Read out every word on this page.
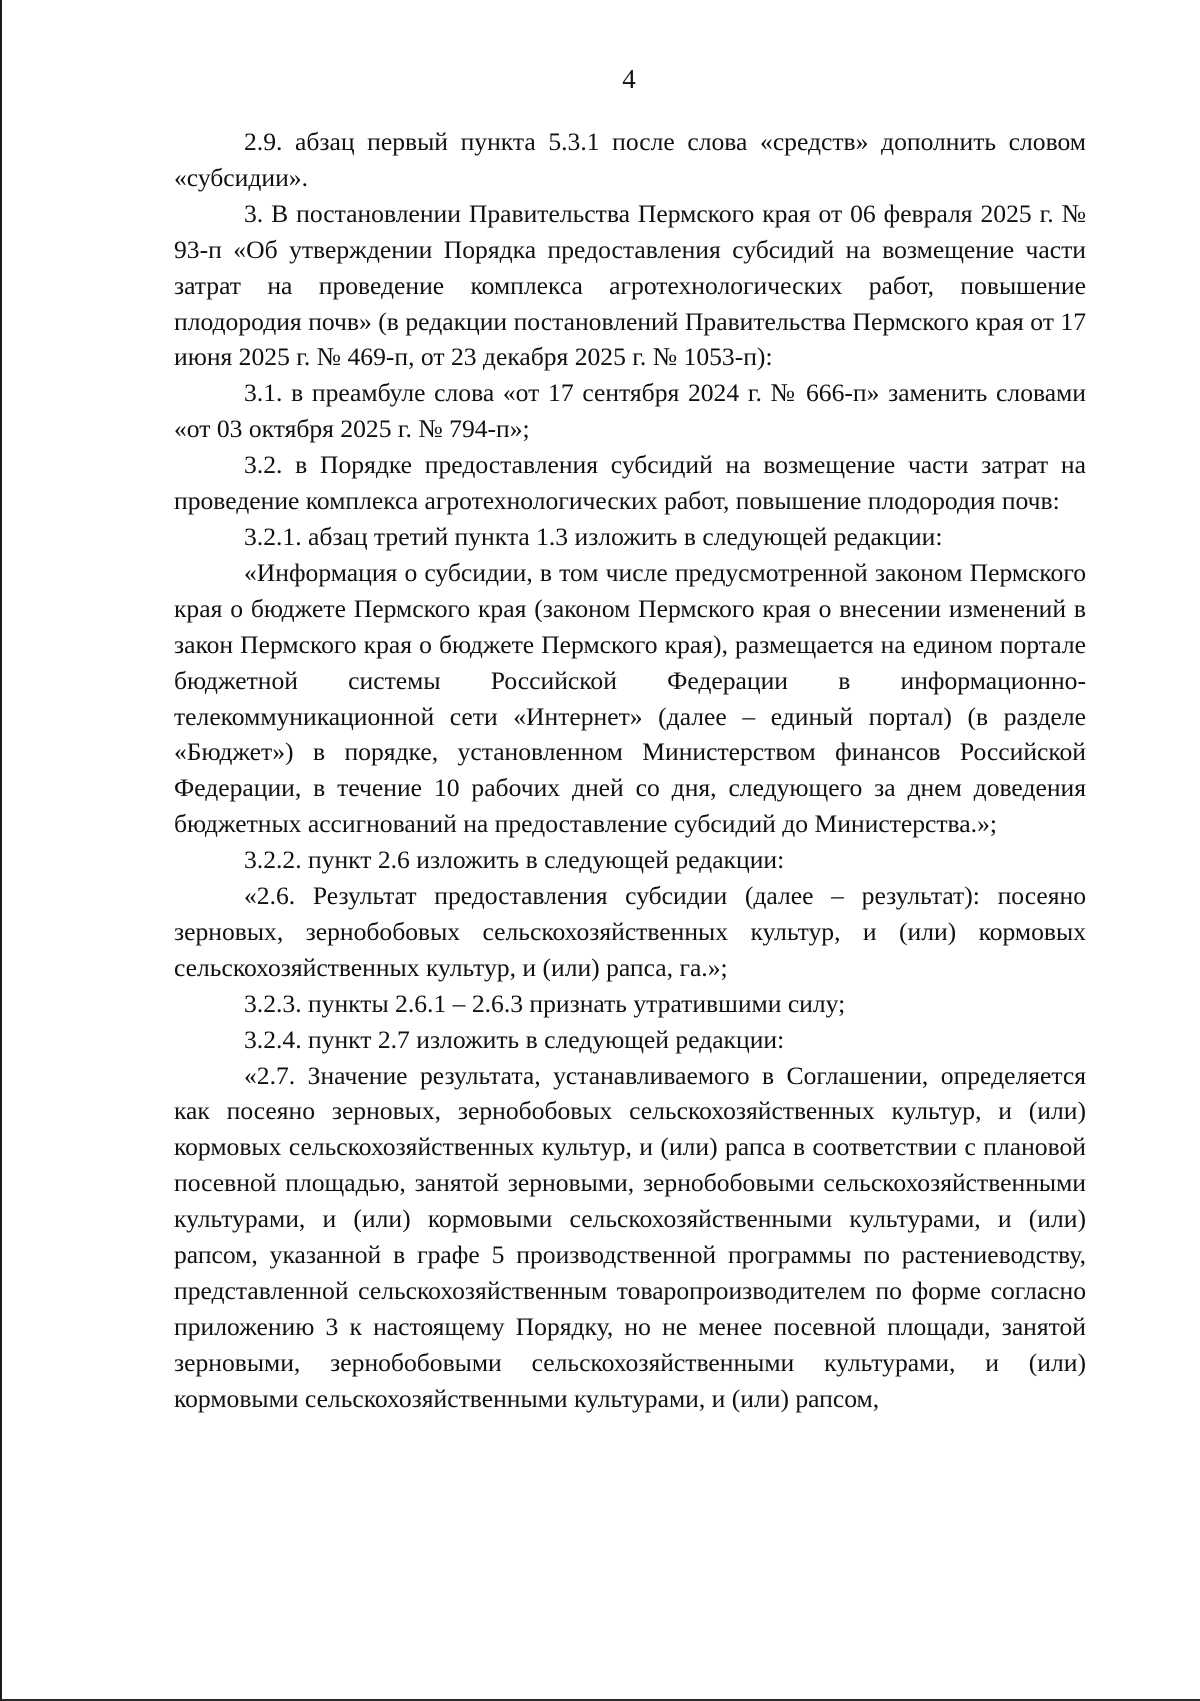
4

2.9. абзац первый пункта 5.3.1 после слова «средств» дополнить словом «субсидии».

3. В постановлении Правительства Пермского края от 06 февраля 2025 г. № 93-п «Об утверждении Порядка предоставления субсидий на возмещение части затрат на проведение комплекса агротехнологических работ, повышение плодородия почв» (в редакции постановлений Правительства Пермского края от 17 июня 2025 г. № 469-п, от 23 декабря 2025 г. № 1053-п):

3.1. в преамбуле слова «от 17 сентября 2024 г. № 666-п» заменить словами «от 03 октября 2025 г. № 794-п»;

3.2. в Порядке предоставления субсидий на возмещение части затрат на проведение комплекса агротехнологических работ, повышение плодородия почв:

3.2.1. абзац третий пункта 1.3 изложить в следующей редакции:

«Информация о субсидии, в том числе предусмотренной законом Пермского края о бюджете Пермского края (законом Пермского края о внесении изменений в закон Пермского края о бюджете Пермского края), размещается на едином портале бюджетной системы Российской Федерации в информационно-телекоммуникационной сети «Интернет» (далее – единый портал) (в разделе «Бюджет») в порядке, установленном Министерством финансов Российской Федерации, в течение 10 рабочих дней со дня, следующего за днем доведения бюджетных ассигнований на предоставление субсидий до Министерства.»;

3.2.2. пункт 2.6 изложить в следующей редакции:

«2.6. Результат предоставления субсидии (далее – результат): посеяно зерновых, зернобобовых сельскохозяйственных культур, и (или) кормовых сельскохозяйственных культур, и (или) рапса, га.»;

3.2.3. пункты 2.6.1 – 2.6.3 признать утратившими силу;

3.2.4. пункт 2.7 изложить в следующей редакции:

«2.7. Значение результата, устанавливаемого в Соглашении, определяется как посеяно зерновых, зернобобовых сельскохозяйственных культур, и (или) кормовых сельскохозяйственных культур, и (или) рапса в соответствии с плановой посевной площадью, занятой зерновыми, зернобобовыми сельскохозяйственными культурами, и (или) кормовыми сельскохозяйственными культурами, и (или) рапсом, указанной в графе 5 производственной программы по растениеводству, представленной сельскохозяйственным товаропроизводителем по форме согласно приложению 3 к настоящему Порядку, но не менее посевной площади, занятой зерновыми, зернобобовыми сельскохозяйственными культурами, и (или) кормовыми сельскохозяйственными культурами, и (или) рапсом,
